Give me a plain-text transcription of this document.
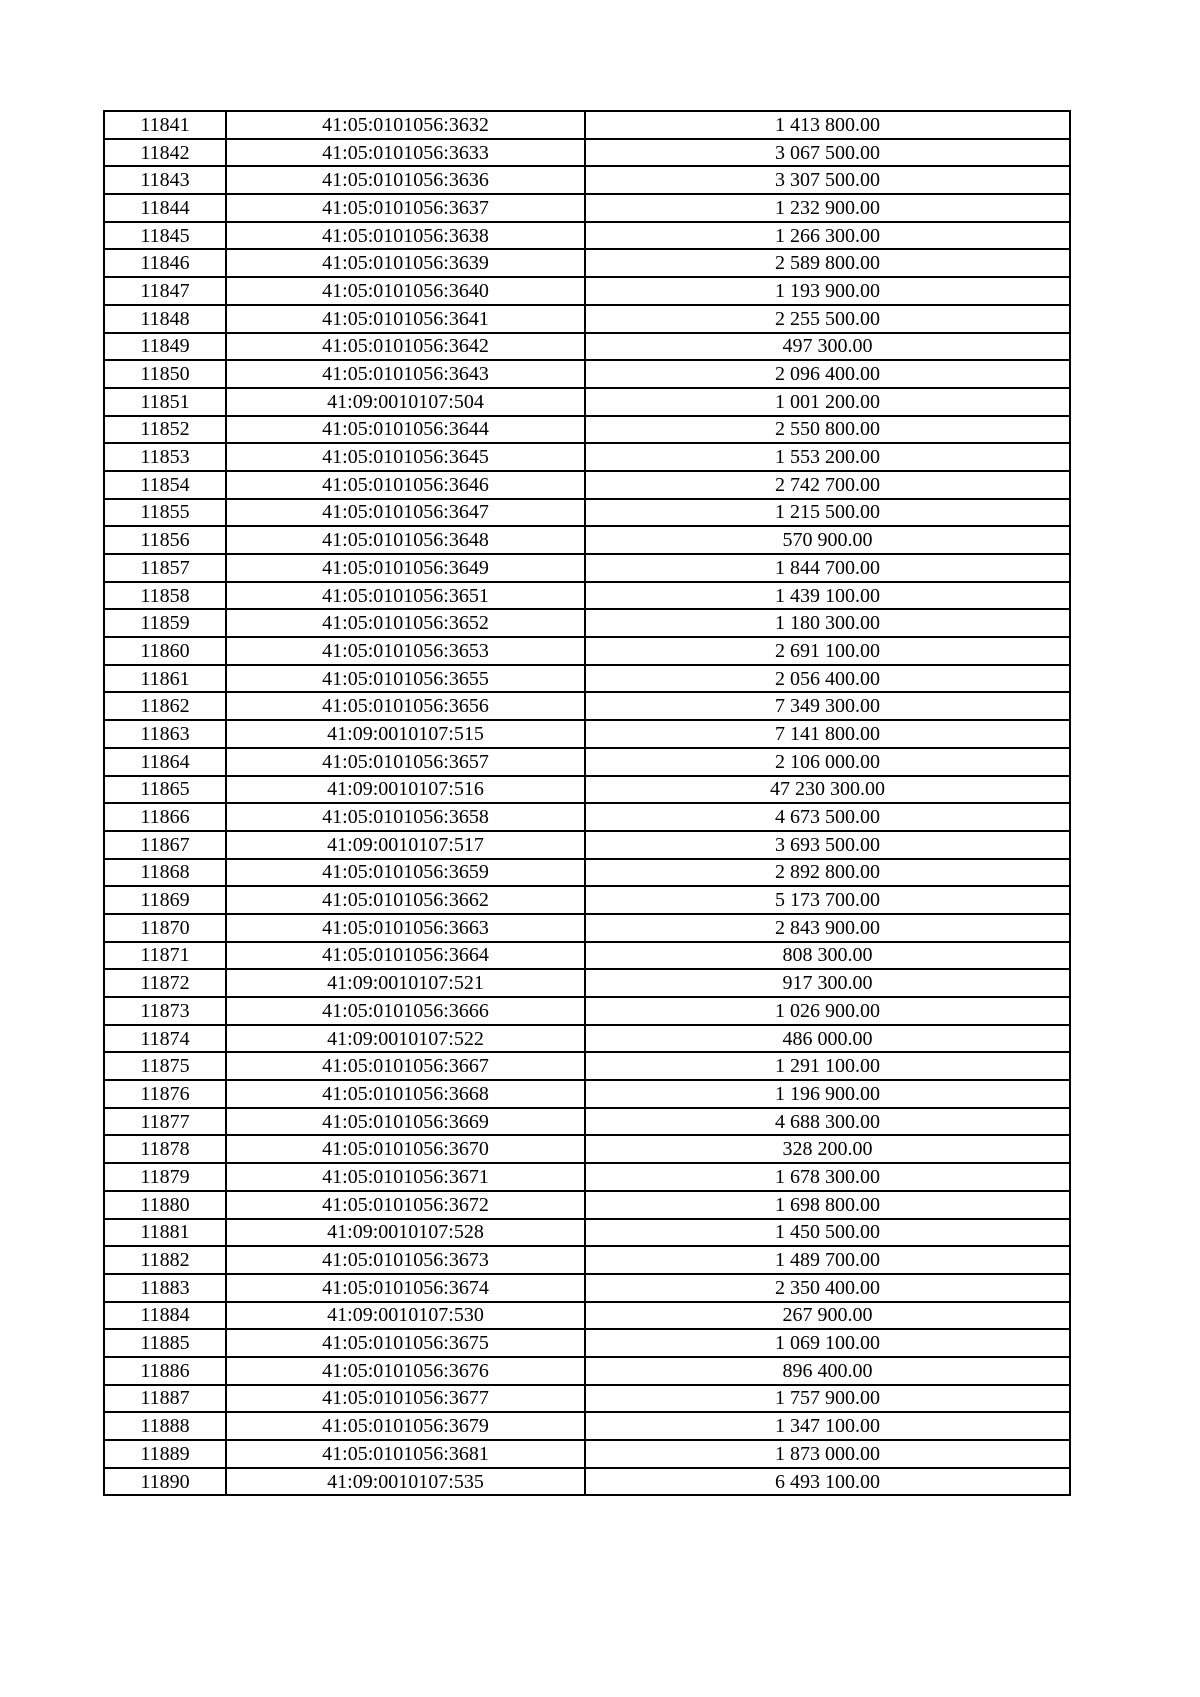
11841	41:05:0101056:3632	1 413 800.00
11842	41:05:0101056:3633	3 067 500.00
11843	41:05:0101056:3636	3 307 500.00
11844	41:05:0101056:3637	1 232 900.00
11845	41:05:0101056:3638	1 266 300.00
11846	41:05:0101056:3639	2 589 800.00
11847	41:05:0101056:3640	1 193 900.00
11848	41:05:0101056:3641	2 255 500.00
11849	41:05:0101056:3642	497 300.00
11850	41:05:0101056:3643	2 096 400.00
11851	41:09:0010107:504	1 001 200.00
11852	41:05:0101056:3644	2 550 800.00
11853	41:05:0101056:3645	1 553 200.00
11854	41:05:0101056:3646	2 742 700.00
11855	41:05:0101056:3647	1 215 500.00
11856	41:05:0101056:3648	570 900.00
11857	41:05:0101056:3649	1 844 700.00
11858	41:05:0101056:3651	1 439 100.00
11859	41:05:0101056:3652	1 180 300.00
11860	41:05:0101056:3653	2 691 100.00
11861	41:05:0101056:3655	2 056 400.00
11862	41:05:0101056:3656	7 349 300.00
11863	41:09:0010107:515	7 141 800.00
11864	41:05:0101056:3657	2 106 000.00
11865	41:09:0010107:516	47 230 300.00
11866	41:05:0101056:3658	4 673 500.00
11867	41:09:0010107:517	3 693 500.00
11868	41:05:0101056:3659	2 892 800.00
11869	41:05:0101056:3662	5 173 700.00
11870	41:05:0101056:3663	2 843 900.00
11871	41:05:0101056:3664	808 300.00
11872	41:09:0010107:521	917 300.00
11873	41:05:0101056:3666	1 026 900.00
11874	41:09:0010107:522	486 000.00
11875	41:05:0101056:3667	1 291 100.00
11876	41:05:0101056:3668	1 196 900.00
11877	41:05:0101056:3669	4 688 300.00
11878	41:05:0101056:3670	328 200.00
11879	41:05:0101056:3671	1 678 300.00
11880	41:05:0101056:3672	1 698 800.00
11881	41:09:0010107:528	1 450 500.00
11882	41:05:0101056:3673	1 489 700.00
11883	41:05:0101056:3674	2 350 400.00
11884	41:09:0010107:530	267 900.00
11885	41:05:0101056:3675	1 069 100.00
11886	41:05:0101056:3676	896 400.00
11887	41:05:0101056:3677	1 757 900.00
11888	41:05:0101056:3679	1 347 100.00
11889	41:05:0101056:3681	1 873 000.00
11890	41:09:0010107:535	6 493 100.00
